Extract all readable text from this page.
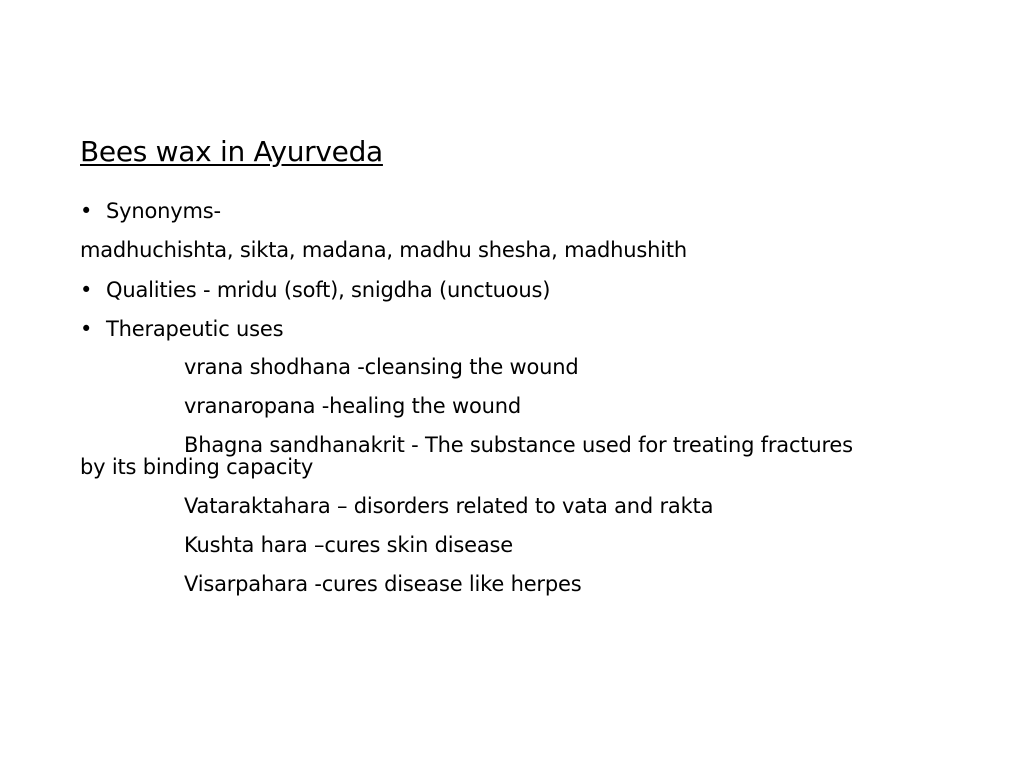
Bees wax in Ayurveda
• Synonyms-
madhuchishta, sikta, madana, madhu shesha, madhushith
• Qualities - mridu (soft), snigdha (unctuous)
• Therapeutic uses
vrana shodhana -cleansing the wound
vranaropana -healing the wound
Bhagna sandhanakrit - The substance used for treating fractures
by its binding capacity
Vataraktahara – disorders related to vata and rakta
Kushta hara –cures skin disease
Visarpahara -cures disease like herpes
